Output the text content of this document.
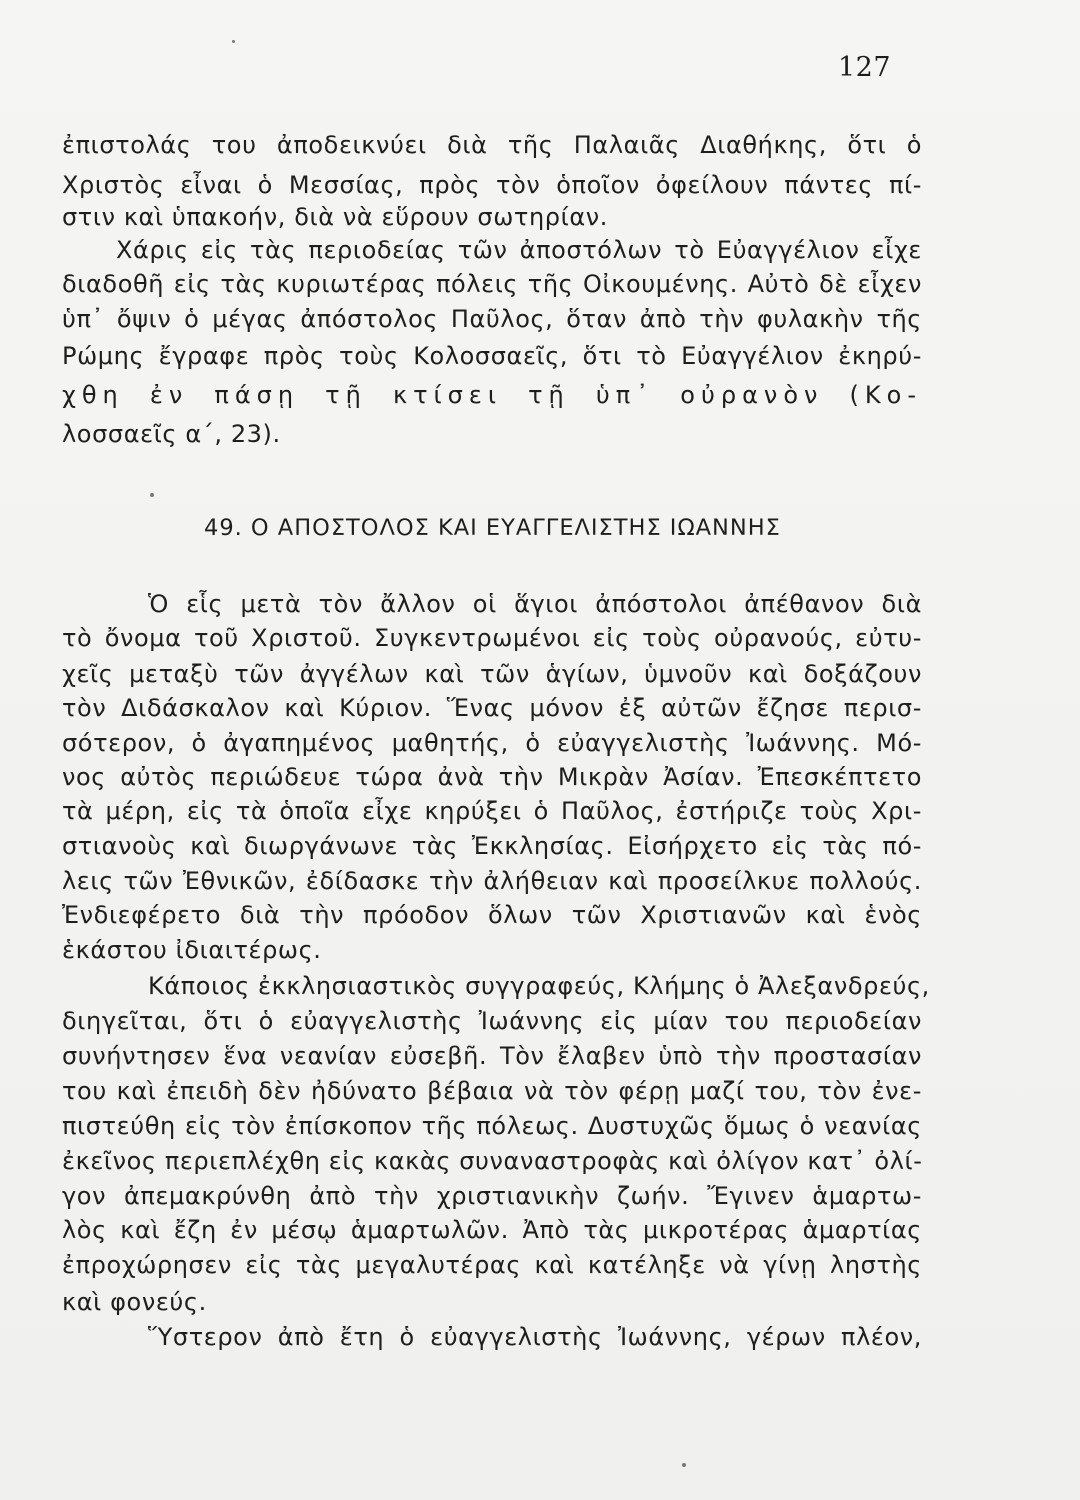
127
ἐπιστολάς του ἀποδεικνύει διὰ τῆς Παλαιᾶς Διαθήκης, ὅτι ὁ
Χριστὸς εἶναι ὁ Μεσσίας, πρὸς τὸν ὁποῖον ὀφείλουν πάντες πί-
στιν καὶ ὑπακοήν, διὰ νὰ εὕρουν σωτηρίαν.
Χάρις εἰς τὰς περιοδείας τῶν ἀποστόλων τὸ Εὐαγγέλιον εἶχε
διαδοθῆ εἰς τὰς κυριωτέρας πόλεις τῆς Οἰκουμένης. Αὐτὸ δὲ εἶχεν
ὑπ᾿ ὄψιν ὁ μέγας ἀπόστολος Παῦλος, ὅταν ἀπὸ τὴν φυλακὴν τῆς
Ρώμης ἔγραφε πρὸς τοὺς Κολοσσαεῖς, ὅτι τὸ Εὐαγγέλιον ἐκηρύ-
χθη ἐν πάσῃ τῇ κτίσει τῇ ὑπ᾿ οὐρανὸν (Κο-
λοσσαεῖς α΄, 23).
49. Ο ΑΠΟΣΤΟΛΟΣ ΚΑΙ ΕΥΑΓΓΕΛΙΣΤΗΣ ΙΩΑΝΝΗΣ
Ὁ εἷς μετὰ τὸν ἄλλον οἱ ἅγιοι ἀπόστολοι ἀπέθανον διὰ
τὸ ὄνομα τοῦ Χριστοῦ. Συγκεντρωμένοι εἰς τοὺς οὐρανούς, εὐτυ-
χεῖς μεταξὺ τῶν ἀγγέλων καὶ τῶν ἁγίων, ὑμνοῦν καὶ δοξάζουν
τὸν Διδάσκαλον καὶ Κύριον. Ἕνας μόνον ἐξ αὐτῶν ἔζησε περισ-
σότερον, ὁ ἀγαπημένος μαθητής, ὁ εὐαγγελιστὴς Ἰωάννης. Μό-
νος αὐτὸς περιώδευε τώρα ἀνὰ τὴν Μικρὰν Ἀσίαν. Ἐπεσκέπτετο
τὰ μέρη, εἰς τὰ ὁποῖα εἶχε κηρύξει ὁ Παῦλος, ἐστήριζε τοὺς Χρι-
στιανοὺς καὶ διωργάνωνε τὰς Ἐκκλησίας. Εἰσήρχετο εἰς τὰς πό-
λεις τῶν Ἐθνικῶν, ἐδίδασκε τὴν ἀλήθειαν καὶ προσείλκυε πολλούς.
Ἐνδιεφέρετο διὰ τὴν πρόοδον ὅλων τῶν Χριστιανῶν καὶ ἑνὸς
ἑκάστου ἰδιαιτέρως.
Κάποιος ἐκκλησιαστικὸς συγγραφεύς, Κλήμης ὁ Ἀλεξανδρεύς,
διηγεῖται, ὅτι ὁ εὐαγγελιστὴς Ἰωάννης εἰς μίαν του περιοδείαν
συνήντησεν ἕνα νεανίαν εὐσεβῆ. Τὸν ἔλαβεν ὑπὸ τὴν προστασίαν
του καὶ ἐπειδὴ δὲν ἠδύνατο βέβαια νὰ τὸν φέρῃ μαζί του, τὸν ἐνε-
πιστεύθη εἰς τὸν ἐπίσκοπον τῆς πόλεως. Δυστυχῶς ὅμως ὁ νεανίας
ἐκεῖνος περιεπλέχθη εἰς κακὰς συναναστροφὰς καὶ ὀλίγον κατ᾿ ὀλί-
γον ἀπεμακρύνθη ἀπὸ τὴν χριστιανικὴν ζωήν. Ἔγινεν ἁμαρτω-
λὸς καὶ ἔζη ἐν μέσῳ ἁμαρτωλῶν. Ἀπὸ τὰς μικροτέρας ἁμαρτίας
ἐπροχώρησεν εἰς τὰς μεγαλυτέρας καὶ κατέληξε νὰ γίνῃ ληστὴς
καὶ φονεύς.
Ὕστερον ἀπὸ ἔτη ὁ εὐαγγελιστὴς Ἰωάννης, γέρων πλέον,
